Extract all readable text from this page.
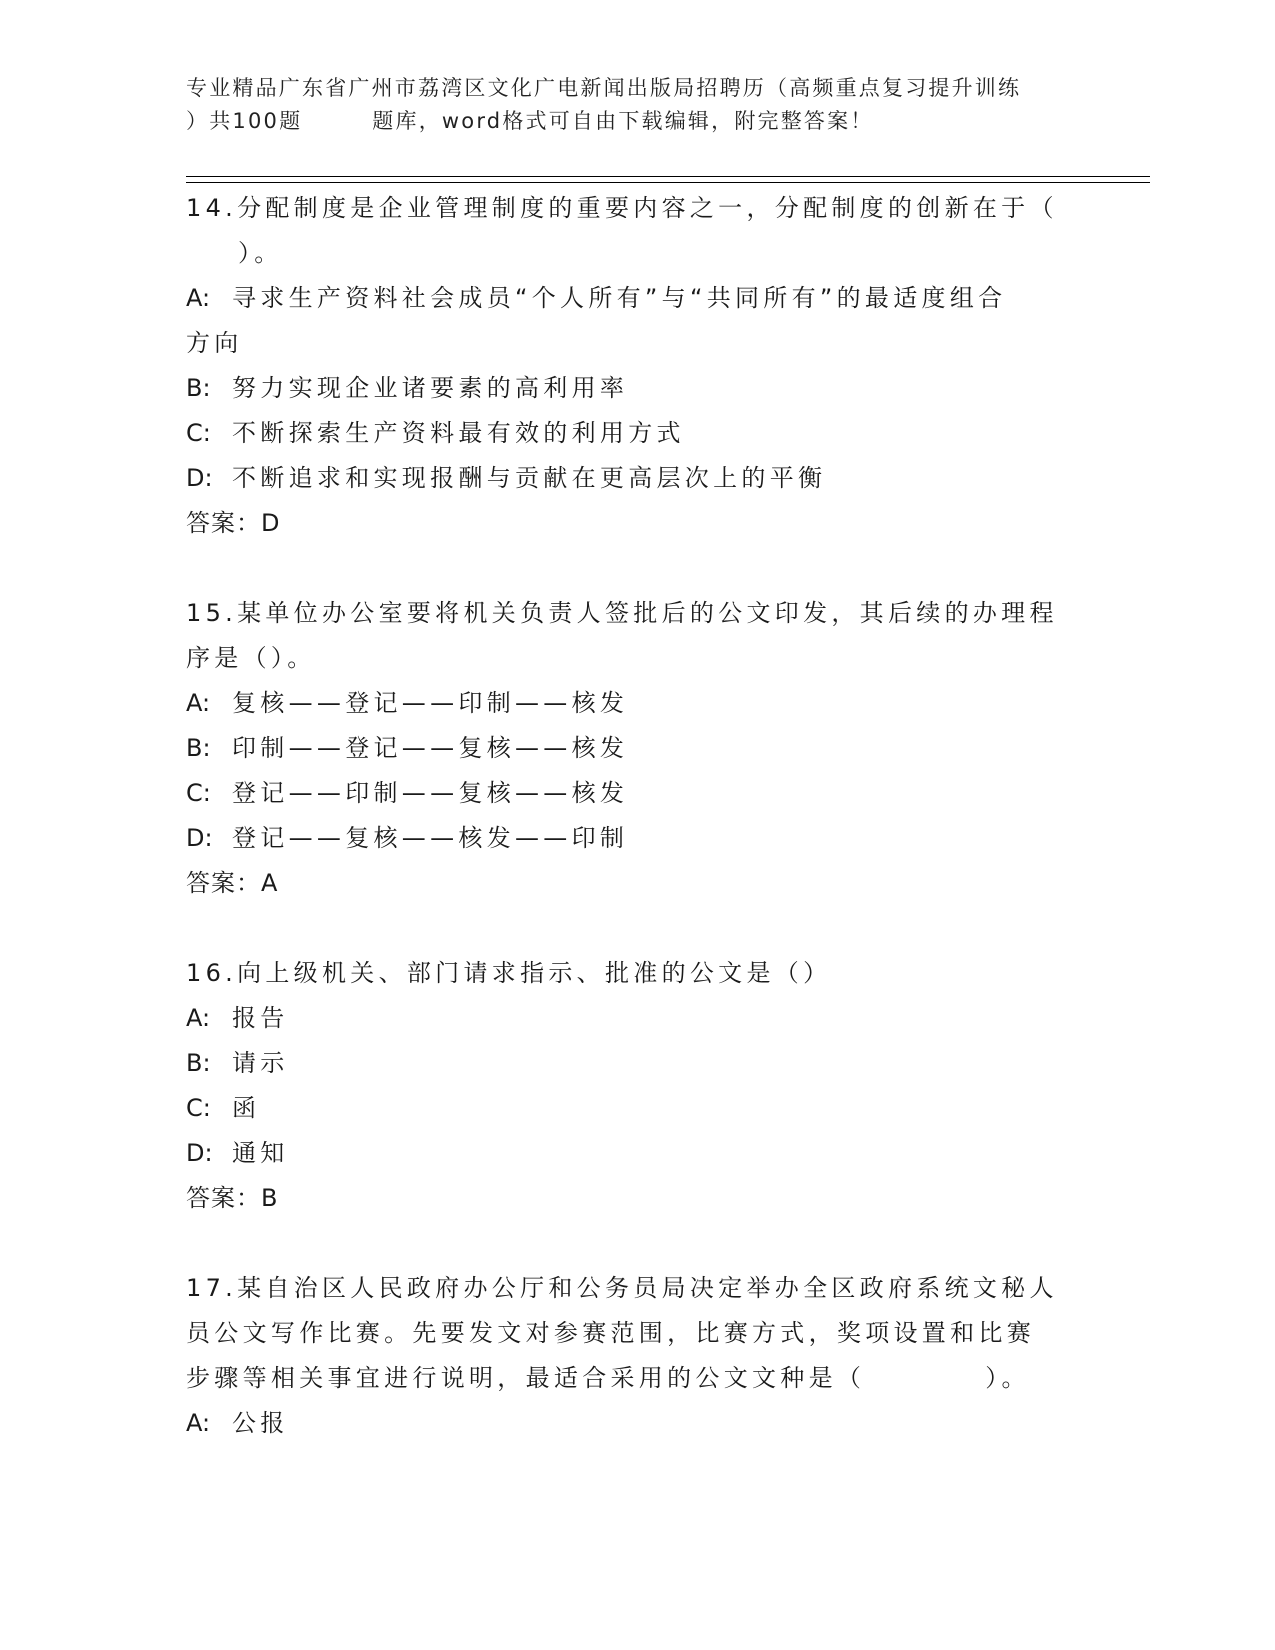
专业精品广东省广州市荔湾区文化广电新闻出版局招聘历（高频重点复习提升训练
）共100题	题库，word格式可自由下载编辑，附完整答案！

14.分配制度是企业管理制度的重要内容之一，分配制度的创新在于（

）。

A: 寻求生产资料社会成员“个人所有”与“共同所有”的最适度组合

方向

B: 努力实现企业诸要素的高利用率

C: 不断探索生产资料最有效的利用方式

D: 不断追求和实现报酬与贡献在更高层次上的平衡

答案：D

15.某单位办公室要将机关负责人签批后的公文印发，其后续的办理程

序是（）。

A: 复核——登记——印制——核发

B: 印制——登记——复核——核发

C: 登记——印制——复核——核发

D: 登记——复核——核发——印制

答案：A

16.向上级机关、部门请求指示、批准的公文是（）

A: 报告

B: 请示

C: 函

D: 通知

答案：B

17.某自治区人民政府办公厅和公务员局决定举办全区政府系统文秘人

员公文写作比赛。先要发文对参赛范围，比赛方式，奖项设置和比赛

步骤等相关事宜进行说明，最适合采用的公文文种是（	）。

A: 公报
